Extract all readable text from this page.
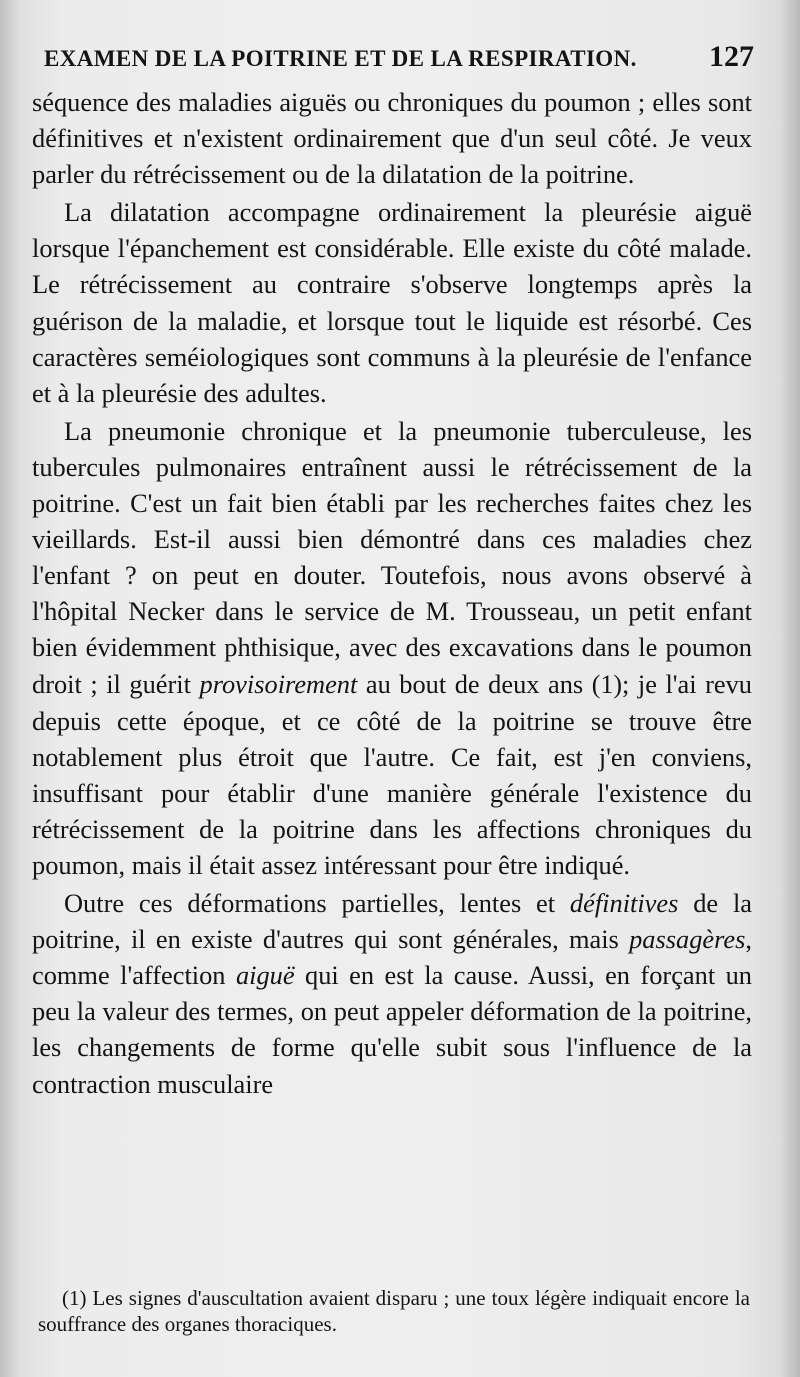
EXAMEN DE LA POITRINE ET DE LA RESPIRATION. 127

séquence des maladies aiguës ou chroniques du poumon ; elles sont définitives et n'existent ordinairement que d'un seul côté. Je veux parler du rétrécissement ou de la dilatation de la poitrine.

La dilatation accompagne ordinairement la pleurésie aiguë lorsque l'épanchement est considérable. Elle existe du côté malade. Le rétrécissement au contraire s'observe longtemps après la guérison de la maladie, et lorsque tout le liquide est résorbé. Ces caractères seméiologiques sont communs à la pleurésie de l'enfance et à la pleurésie des adultes.

La pneumonie chronique et la pneumonie tuberculeuse, les tubercules pulmonaires entraînent aussi le rétrécissement de la poitrine. C'est un fait bien établi par les recherches faites chez les vieillards. Est-il aussi bien démontré dans ces maladies chez l'enfant ? on peut en douter. Toutefois, nous avons observé à l'hôpital Necker dans le service de M. Trousseau, un petit enfant bien évidemment phthisique, avec des excavations dans le poumon droit ; il guérit provisoirement au bout de deux ans (1); je l'ai revu depuis cette époque, et ce côté de la poitrine se trouve être notablement plus étroit que l'autre. Ce fait, est j'en conviens, insuffisant pour établir d'une manière générale l'existence du rétrécissement de la poitrine dans les affections chroniques du poumon, mais il était assez intéressant pour être indiqué.

Outre ces déformations partielles, lentes et définitives de la poitrine, il en existe d'autres qui sont générales, mais passagères, comme l'affection aiguë qui en est la cause. Aussi, en forçant un peu la valeur des termes, on peut appeler déformation de la poitrine, les changements de forme qu'elle subit sous l'influence de la contraction musculaire

(1) Les signes d'auscultation avaient disparu ; une toux légère indiquait encore la souffrance des organes thoraciques.
